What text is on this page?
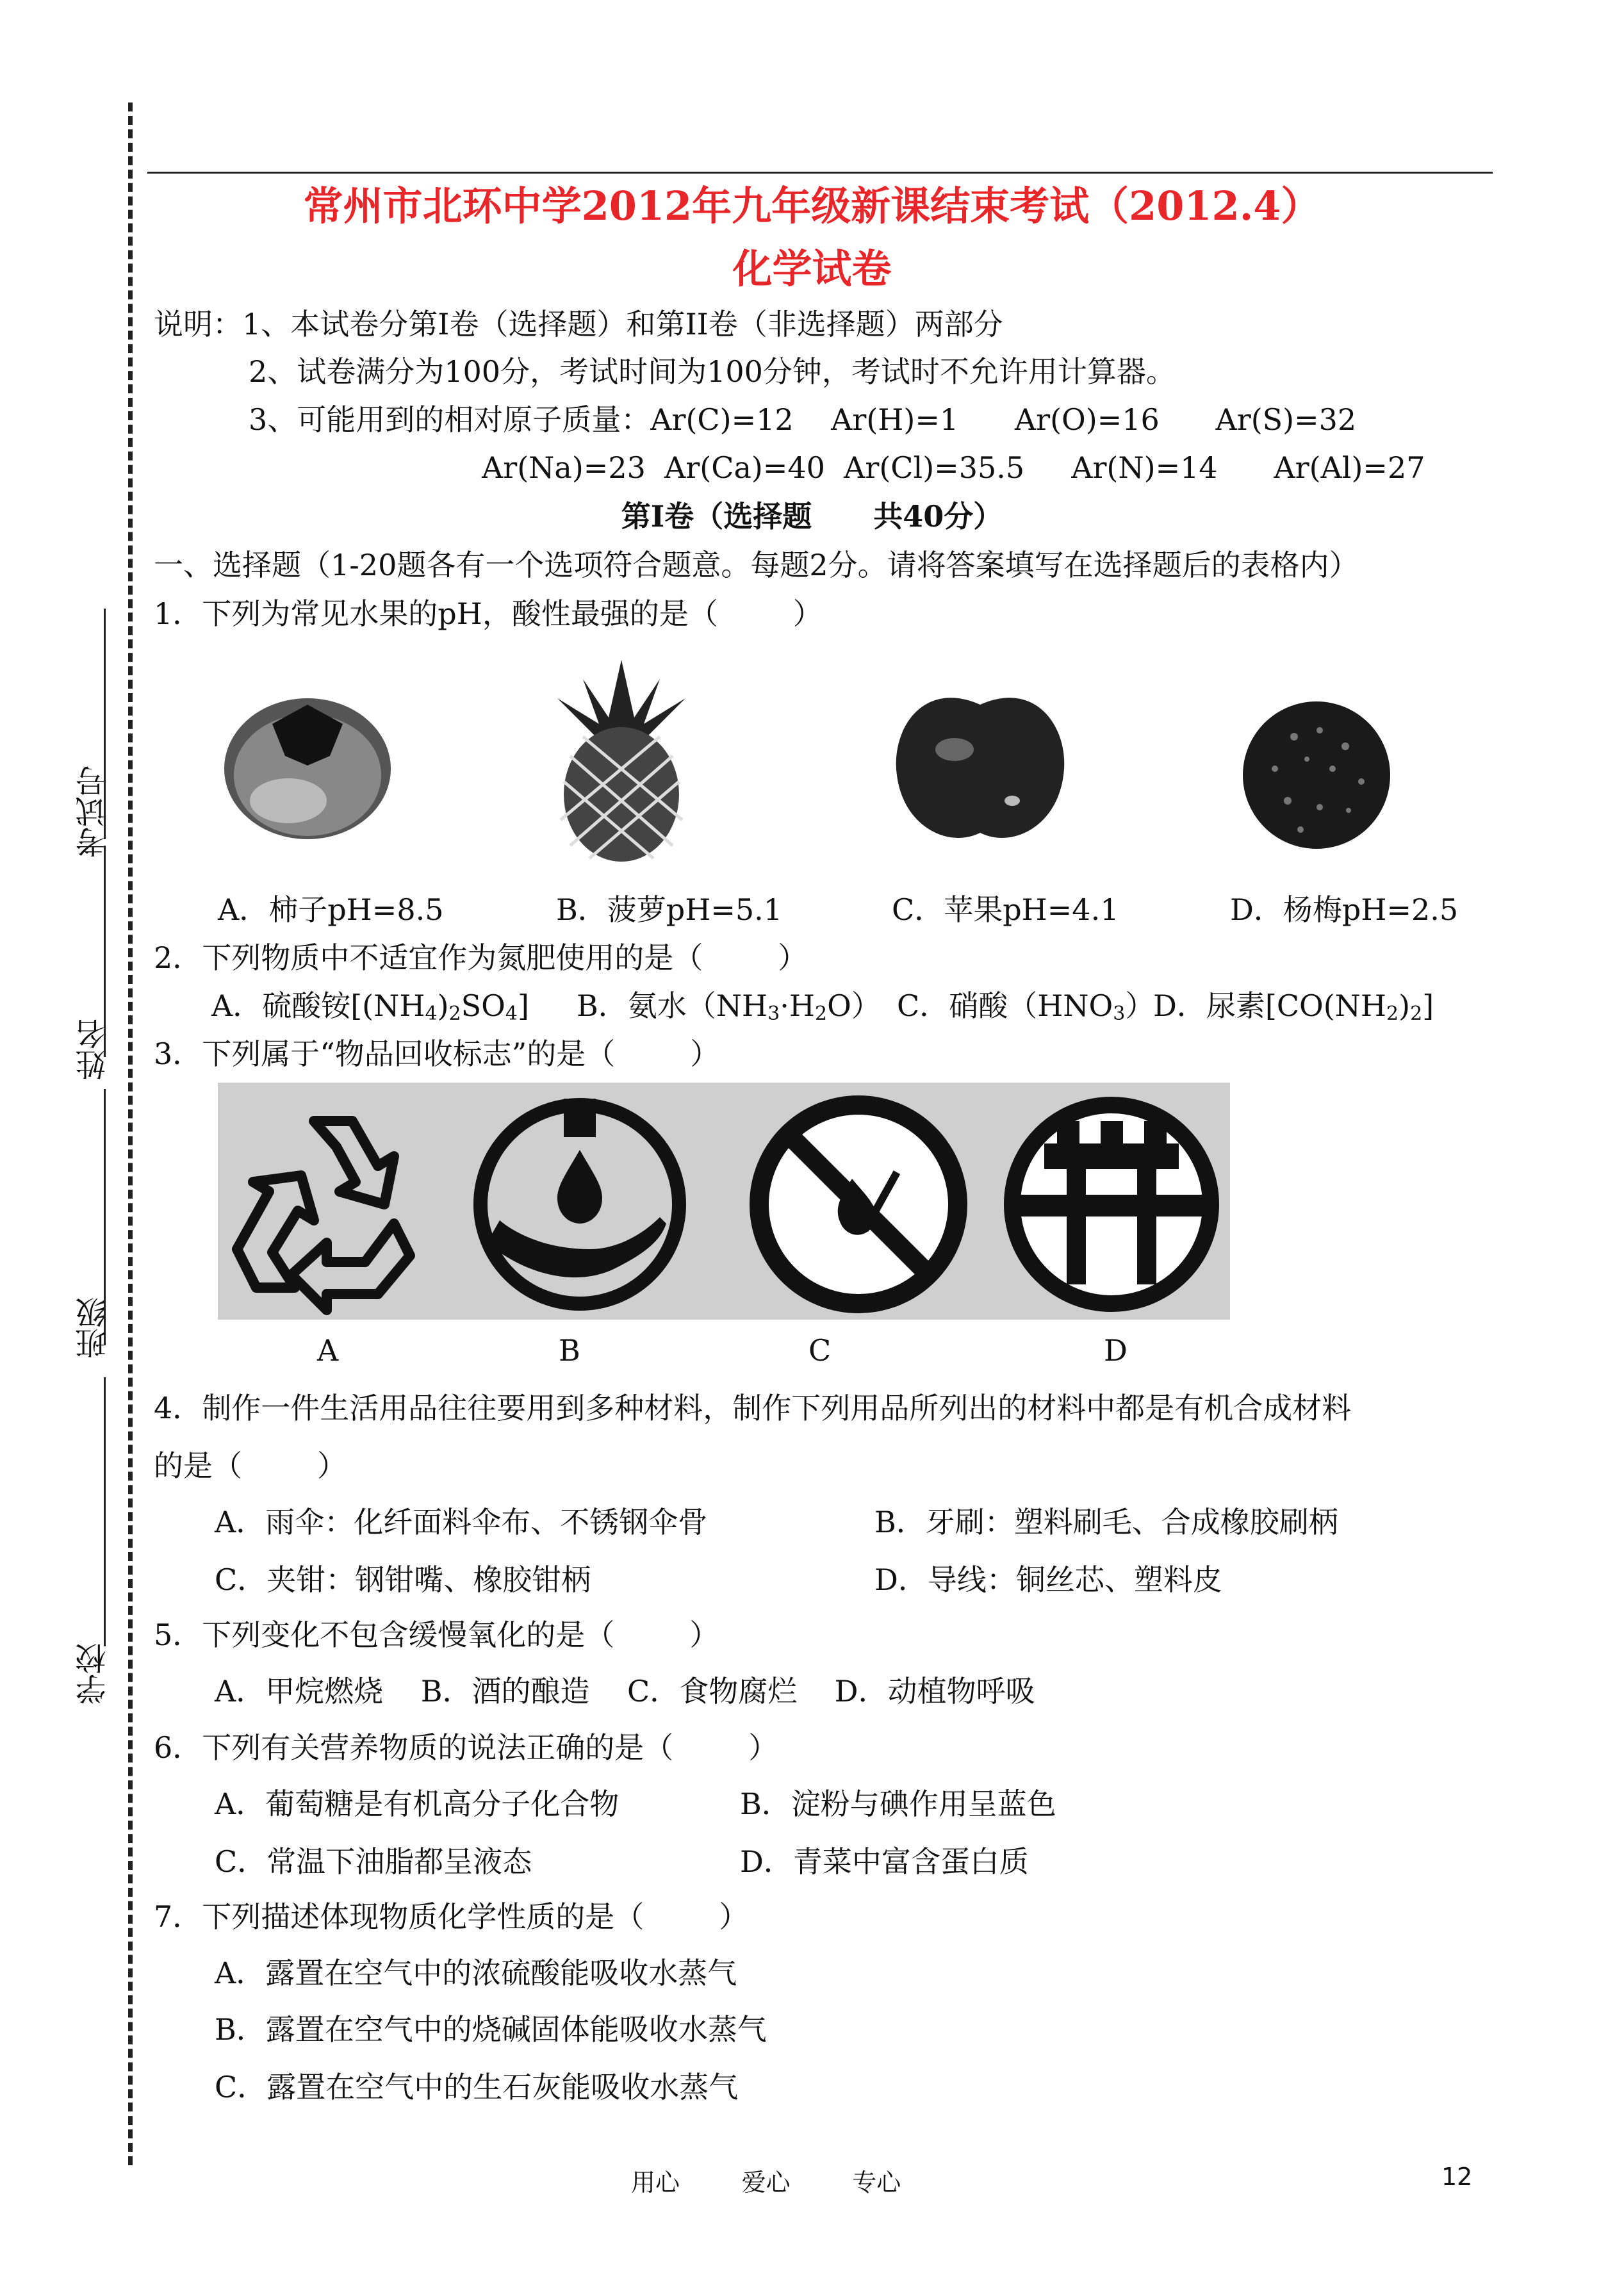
考试号
姓名
班级
学校
常州市北环中学2012年九年级新课结束考试（2012.4）
化学试卷
说明：1、本试卷分第Ⅰ卷（选择题）和第II卷（非选择题）两部分
2、试卷满分为100分，考试时间为100分钟，考试时不允许用计算器。
3、可能用到的相对原子质量：Ar(C)=12    Ar(H)=1      Ar(O)=16      Ar(S)=32
Ar(Na)=23  Ar(Ca)=40  Ar(Cl)=35.5     Ar(N)=14      Ar(Al)=27
第Ⅰ卷（选择题      共40分）
一、选择题（1-20题各有一个选项符合题意。每题2分。请将答案填写在选择题后的表格内）
1．下列为常见水果的pH，酸性最强的是（        ）
A．柿子pH=8.5	B．菠萝pH=5.1	C．苹果pH=4.1	D．杨梅pH=2.5
2．下列物质中不适宜作为氮肥使用的是（        ）
A．硫酸铵$[(NH_4)_2SO_4]$ B．氨水$(NH_3\cdot H_2O)$ C．硝酸$(HNO_3)$
D．尿素$[CO(NH_2)_2]$
3．下列属于“物品回收标志”的是（        ）
A	B	C	D
4．制作一件生活用品往往要用到多种材料，制作下列用品所列出的材料中都是有机合成材料
的是（        ）
A．雨伞：化纤面料伞布、不锈钢伞骨	B．牙刷：塑料刷毛、合成橡胶刷柄
C．夹钳：钢钳嘴、橡胶钳柄	D．导线：铜丝芯、塑料皮
5．下列变化不包含缓慢氧化的是（        ）
A．甲烷燃烧    B．酒的酿造    C．食物腐烂    D．动植物呼吸
6．下列有关营养物质的说法正确的是（        ）
A．葡萄糖是有机高分子化合物	B．淀粉与碘作用呈蓝色
C．常温下油脂都呈液态	D．青菜中富含蛋白质
7．下列描述体现物质化学性质的是（        ）
A．露置在空气中的浓硫酸能吸收水蒸气
B．露置在空气中的烧碱固体能吸收水蒸气
C．露置在空气中的生石灰能吸收水蒸气
用心        爱心        专心	12
